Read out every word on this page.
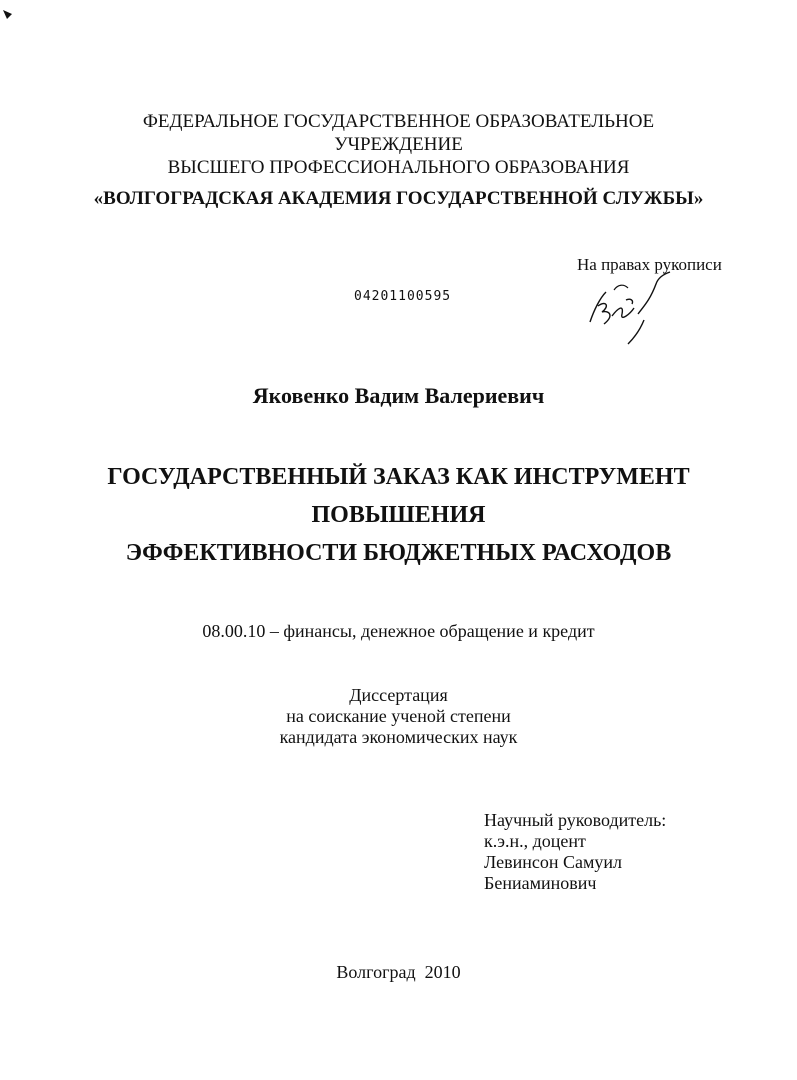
ФЕДЕРАЛЬНОЕ ГОСУДАРСТВЕННОЕ ОБРАЗОВАТЕЛЬНОЕ
УЧРЕЖДЕНИЕ
ВЫСШЕГО ПРОФЕССИОНАЛЬНОГО ОБРАЗОВАНИЯ
«ВОЛГОГРАДСКАЯ АКАДЕМИЯ ГОСУДАРСТВЕННОЙ СЛУЖБЫ»
На правах рукописи
04201100595
Яковенко Вадим Валериевич
ГОСУДАРСТВЕННЫЙ ЗАКАЗ КАК ИНСТРУМЕНТ
ПОВЫШЕНИЯ
ЭФФЕКТИВНОСТИ БЮДЖЕТНЫХ РАСХОДОВ
08.00.10 – финансы, денежное обращение и кредит
Диссертация
на соискание ученой степени
кандидата экономических наук
Научный руководитель:
к.э.н., доцент
Левинсон Самуил
Бениаминович
Волгоград  2010
